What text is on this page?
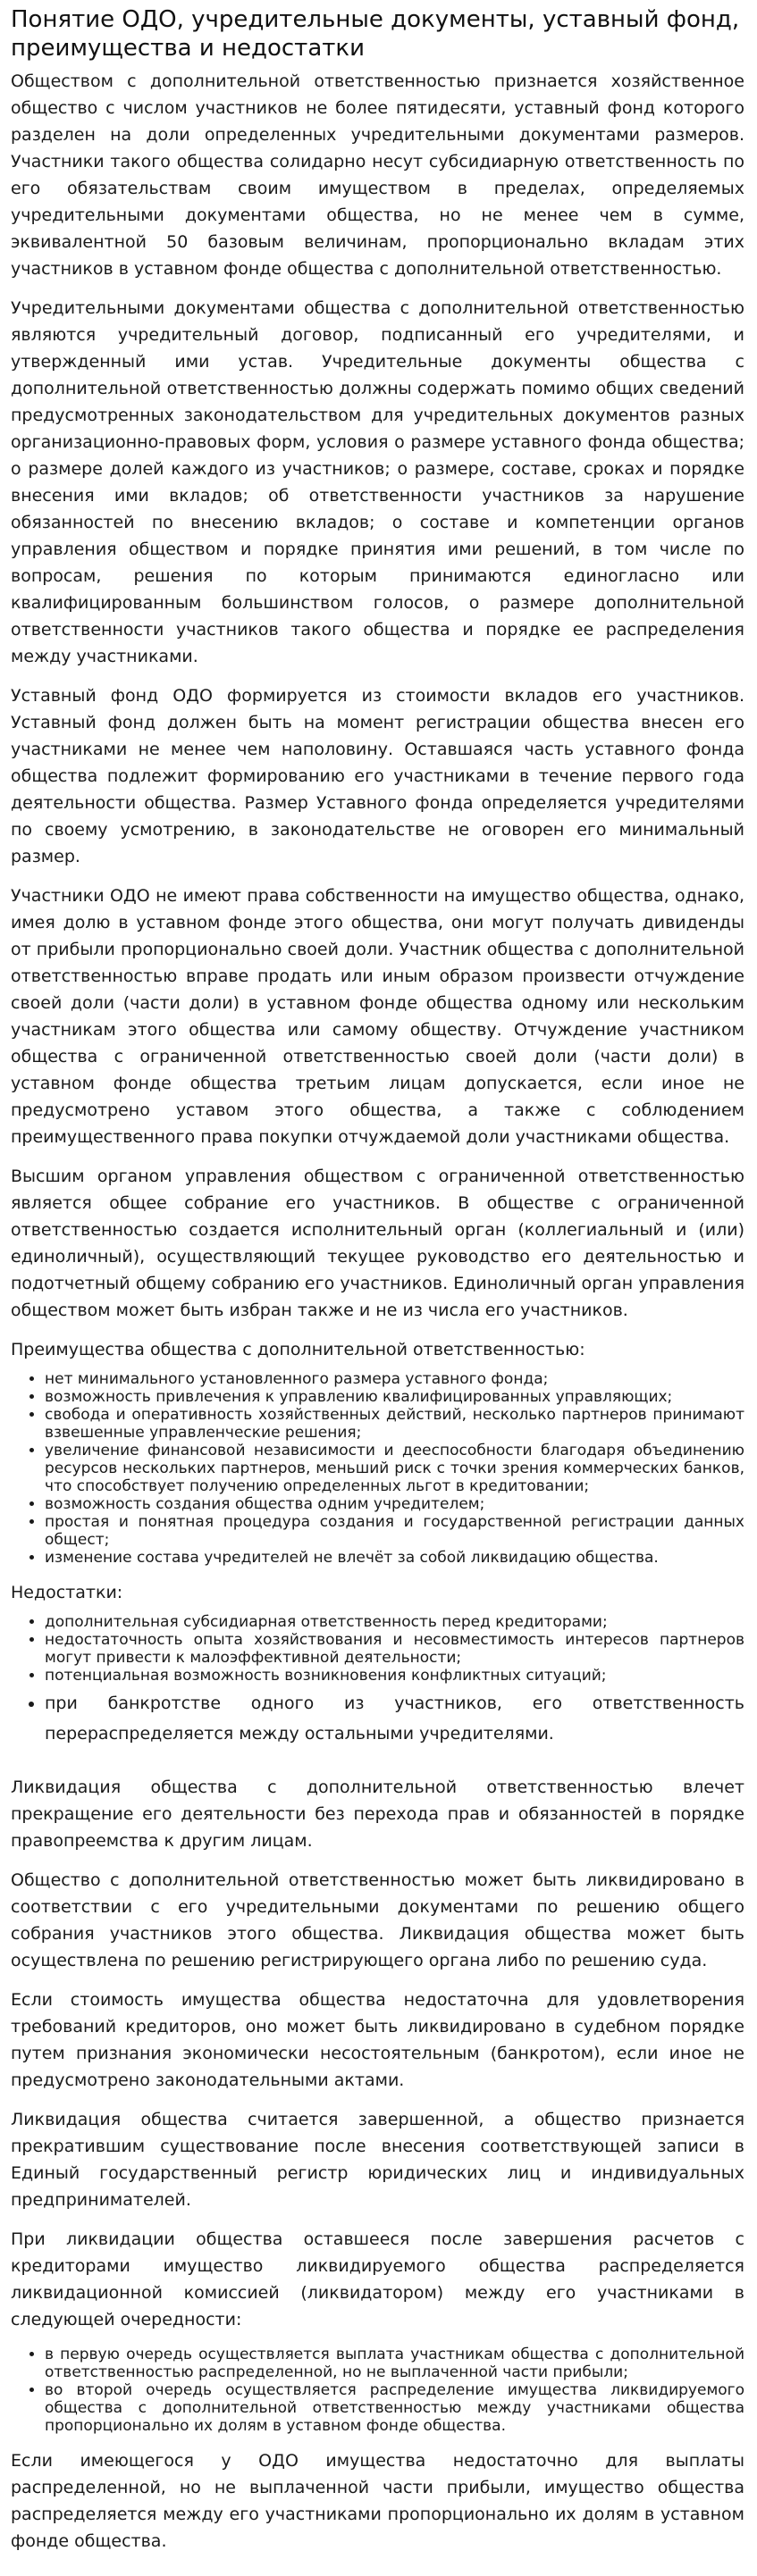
Понятие ОДО, учредительные документы, уставный фонд, преимущества и недостатки

Обществом с дополнительной ответственностью признается хозяйственное общество с числом участников не более пятидесяти, уставный фонд которого разделен на доли определенных учредительными документами размеров. Участники такого общества солидарно несут субсидиарную ответственность по его обязательствам своим имуществом в пределах, определяемых учредительными документами общества, но не менее чем в сумме, эквивалентной 50 базовым величинам, пропорционально вкладам этих участников в уставном фонде общества с дополнительной ответственностью.

Учредительными документами общества с дополнительной ответственностью являются учредительный договор, подписанный его учредителями, и утвержденный ими устав. Учредительные документы общества с дополнительной ответственностью должны содержать помимо общих сведений предусмотренных законодательством для учредительных документов разных организационно-правовых форм, условия о размере уставного фонда общества; о размере долей каждого из участников; о размере, составе, сроках и порядке внесения ими вкладов; об ответственности участников за нарушение обязанностей по внесению вкладов; о составе и компетенции органов управления обществом и порядке принятия ими решений, в том числе по вопросам, решения по которым принимаются единогласно или квалифицированным большинством голосов, о размере дополнительной ответственности участников такого общества и порядке ее распределения между участниками.

Уставный фонд ОДО формируется из стоимости вкладов его участников. Уставный фонд должен быть на момент регистрации общества внесен его участниками не менее чем наполовину. Оставшаяся часть уставного фонда общества подлежит формированию его участниками в течение первого года деятельности общества. Размер Уставного фонда определяется учредителями по своему усмотрению, в законодательстве не оговорен его минимальный размер.

Участники ОДО не имеют права собственности на имущество общества, однако, имея долю в уставном фонде этого общества, они могут получать дивиденды от прибыли пропорционально своей доли. Участник общества с дополнительной ответственностью вправе продать или иным образом произвести отчуждение своей доли (части доли) в уставном фонде общества одному или нескольким участникам этого общества или самому обществу. Отчуждение участником общества с ограниченной ответственностью своей доли (части доли) в уставном фонде общества третьим лицам допускается, если иное не предусмотрено уставом этого общества, а также с соблюдением преимущественного права покупки отчуждаемой доли участниками общества.

Высшим органом управления обществом с ограниченной ответственностью является общее собрание его участников. В обществе с ограниченной ответственностью создается исполнительный орган (коллегиальный и (или) единоличный), осуществляющий текущее руководство его деятельностью и подотчетный общему собранию его участников. Единоличный орган управления обществом может быть избран также и не из числа его участников.

Преимущества общества с дополнительной ответственностью:

• нет минимального установленного размера уставного фонда;
• возможность привлечения к управлению квалифицированных управляющих;
• свобода и оперативность хозяйственных действий, несколько партнеров принимают взвешенные управленческие решения;
• увеличение финансовой независимости и дееспособности благодаря объединению ресурсов нескольких партнеров, меньший риск с точки зрения коммерческих банков, что способствует получению определенных льгот в кредитовании;
• возможность создания общества одним учредителем;
• простая и понятная процедура создания и государственной регистрации данных общест;
• изменение состава учредителей не влечёт за собой ликвидацию общества.

Недостатки:

• дополнительная субсидиарная ответственность перед кредиторами;
• недостаточность опыта хозяйствования и несовместимость интересов партнеров могут привести к малоэффективной деятельности;
• потенциальная возможность возникновения конфликтных ситуаций;
• при банкротстве одного из участников, его ответственность перераспределяется между остальными учредителями.

Ликвидация общества с дополнительной ответственностью влечет прекращение его деятельности без перехода прав и обязанностей в порядке правопреемства к другим лицам.

Общество с дополнительной ответственностью может быть ликвидировано в соответствии с его учредительными документами по решению общего собрания участников этого общества. Ликвидация общества может быть осуществлена по решению регистрирующего органа либо по решению суда.

Если стоимость имущества общества недостаточна для удовлетворения требований кредиторов, оно может быть ликвидировано в судебном порядке путем признания экономически несостоятельным (банкротом), если иное не предусмотрено законодательными актами.

Ликвидация общества считается завершенной, а общество признается прекратившим существование после внесения соответствующей записи в Единый государственный регистр юридических лиц и индивидуальных предпринимателей.

При ликвидации общества оставшееся после завершения расчетов с кредиторами имущество ликвидируемого общества распределяется ликвидационной комиссией (ликвидатором) между его участниками в следующей очередности:

• в первую очередь осуществляется выплата участникам общества с дополнительной ответственностью распределенной, но не выплаченной части прибыли;
• во второй очередь осуществляется распределение имущества ликвидируемого общества с дополнительной ответственностью между участниками общества пропорционально их долям в уставном фонде общества.

Если имеющегося у ОДО имущества недостаточно для выплаты распределенной, но не выплаченной части прибыли, имущество общества распределяется между его участниками пропорционально их долям в уставном фонде общества.
